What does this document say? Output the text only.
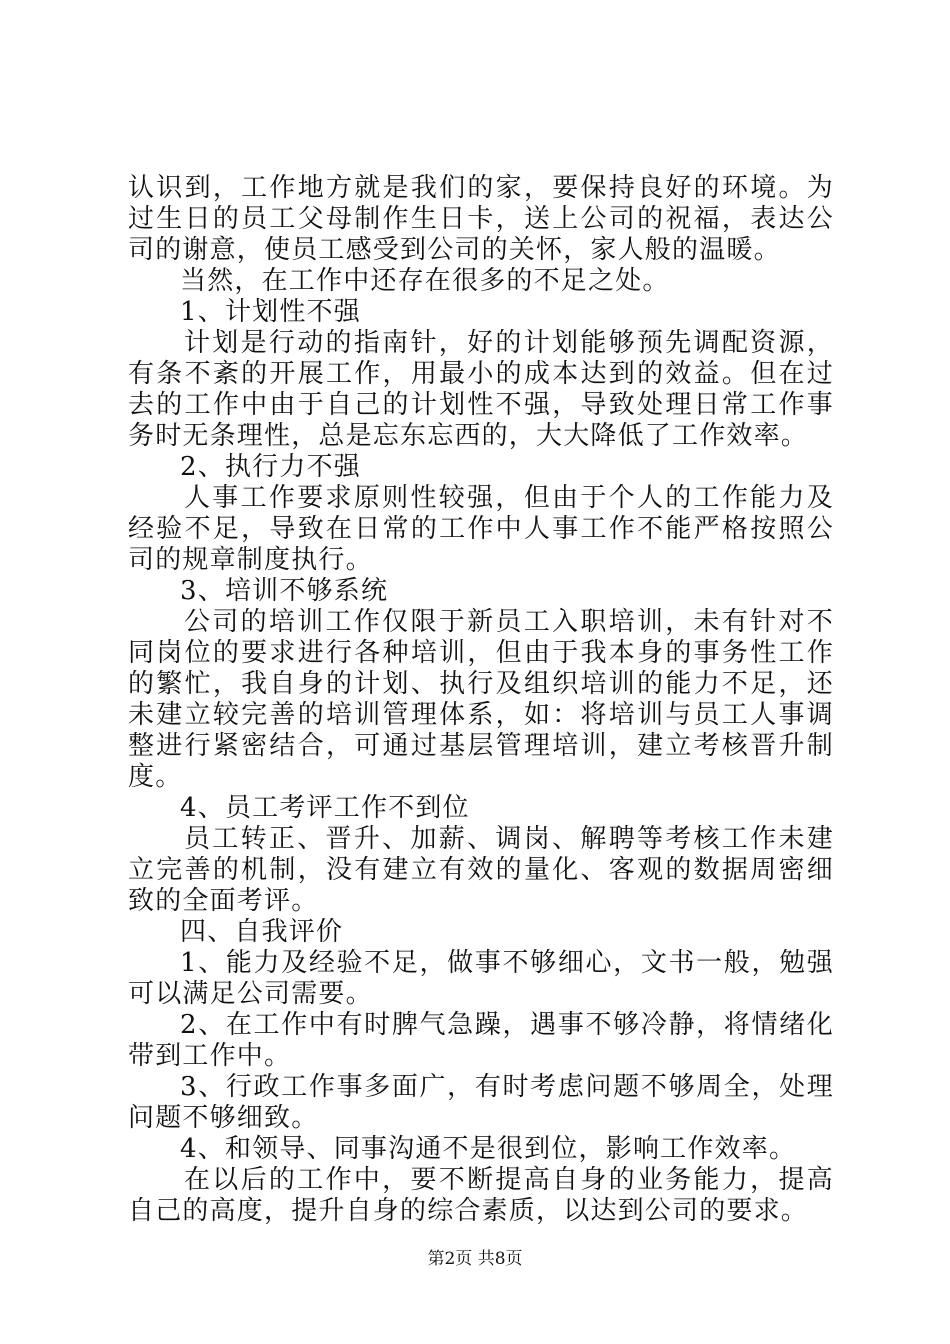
认识到，工作地方就是我们的家，要保持良好的环境。为过生日的员工父母制作生日卡，送上公司的祝福，表达公司的谢意，使员工感受到公司的关怀，家人般的温暖。

当然，在工作中还存在很多的不足之处。

1、计划性不强

计划是行动的指南针，好的计划能够预先调配资源，有条不紊的开展工作，用最小的成本达到的效益。但在过去的工作中由于自己的计划性不强，导致处理日常工作事务时无条理性，总是忘东忘西的，大大降低了工作效率。

2、执行力不强

人事工作要求原则性较强，但由于个人的工作能力及经验不足，导致在日常的工作中人事工作不能严格按照公司的规章制度执行。

3、培训不够系统

公司的培训工作仅限于新员工入职培训，未有针对不同岗位的要求进行各种培训，但由于我本身的事务性工作的繁忙，我自身的计划、执行及组织培训的能力不足，还未建立较完善的培训管理体系，如：将培训与员工人事调整进行紧密结合，可通过基层管理培训，建立考核晋升制度。

4、员工考评工作不到位

员工转正、晋升、加薪、调岗、解聘等考核工作未建立完善的机制，没有建立有效的量化、客观的数据周密细致的全面考评。

四、自我评价

1、能力及经验不足，做事不够细心，文书一般，勉强可以满足公司需要。

2、在工作中有时脾气急躁，遇事不够冷静，将情绪化带到工作中。

3、行政工作事多面广，有时考虑问题不够周全，处理问题不够细致。

4、和领导、同事沟通不是很到位，影响工作效率。

在以后的工作中，要不断提高自身的业务能力，提高自己的高度，提升自身的综合素质，以达到公司的要求。

第2页 共8页
